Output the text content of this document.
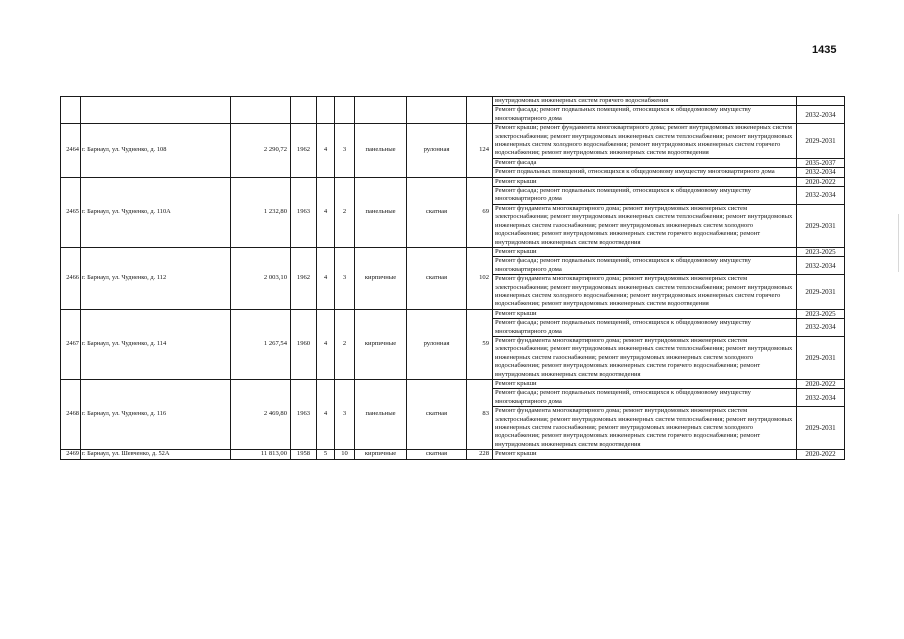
1435
									внутридомовых инженерных систем горячего водоснабжения	
									Ремонт фасада; ремонт подвальных помещений, относящихся к общедомовому имуществу многоквартирного дома	2032-2034
2464	г. Барнаул, ул. Чудненко, д. 108	2 290,72	1962	4	3	панельные	рулонная	124	Ремонт крыши; ремонт фундамента многоквартирного дома; ремонт внутридомовых инженерных систем электроснабжения; ремонт внутридомовых инженерных систем теплоснабжения; ремонт внутридомовых инженерных систем холодного водоснабжения; ремонт внутридомовых инженерных систем горячего водоснабжения; ремонт внутридомовых инженерных систем водоотведения	2029-2031
									Ремонт фасада	2035-2037
									Ремонт подвальных помещений, относящихся к общедомовому имуществу многоквартирного дома	2032-2034
2465	г. Барнаул, ул. Чудненко, д. 110А	1 232,80	1963	4	2	панельные	скатная	69	Ремонт крыши	2020-2022
									Ремонт фасада; ремонт подвальных помещений, относящихся к общедомовому имуществу многоквартирного дома	2032-2034
									Ремонт фундамента многоквартирного дома; ремонт внутридомовых инженерных систем электроснабжения; ремонт внутридомовых инженерных систем теплоснабжения; ремонт внутридомовых инженерных систем газоснабжения; ремонт внутридомовых инженерных систем холодного водоснабжения; ремонт внутридомовых инженерных систем горячего водоснабжения; ремонт внутридомовых инженерных систем водоотведения	2029-2031
2466	г. Барнаул, ул. Чудненко, д. 112	2 003,10	1962	4	3	кирпичные	скатная	102	Ремонт крыши	2023-2025
									Ремонт фасада; ремонт подвальных помещений, относящихся к общедомовому имуществу многоквартирного дома	2032-2034
									Ремонт фундамента многоквартирного дома; ремонт внутридомовых инженерных систем электроснабжения; ремонт внутридомовых инженерных систем теплоснабжения; ремонт внутридомовых инженерных систем холодного водоснабжения; ремонт внутридомовых инженерных систем горячего водоснабжения; ремонт внутридомовых инженерных систем водоотведения	2029-2031
2467	г. Барнаул, ул. Чудненко, д. 114	1 267,54	1960	4	2	кирпичные	рулонная	59	Ремонт крыши	2023-2025
									Ремонт фасада; ремонт подвальных помещений, относящихся к общедомовому имуществу многоквартирного дома	2032-2034
									Ремонт фундамента многоквартирного дома; ремонт внутридомовых инженерных систем электроснабжения; ремонт внутридомовых инженерных систем теплоснабжения; ремонт внутридомовых инженерных систем газоснабжения; ремонт внутридомовых инженерных систем холодного водоснабжения; ремонт внутридомовых инженерных систем горячего водоснабжения; ремонт внутридомовых инженерных систем водоотведения	2029-2031
2468	г. Барнаул, ул. Чудненко, д. 116	2 469,80	1963	4	3	панельные	скатная	83	Ремонт крыши	2020-2022
									Ремонт фасада; ремонт подвальных помещений, относящихся к общедомовому имуществу многоквартирного дома	2032-2034
									Ремонт фундамента многоквартирного дома; ремонт внутридомовых инженерных систем электроснабжения; ремонт внутридомовых инженерных систем теплоснабжения; ремонт внутридомовых инженерных систем газоснабжения; ремонт внутридомовых инженерных систем холодного водоснабжения; ремонт внутридомовых инженерных систем горячего водоснабжения; ремонт внутридомовых инженерных систем водоотведения	2029-2031
2469	г. Барнаул, ул. Шевченко, д. 52А	11 813,00	1958	5	10	кирпичные	скатная	228	Ремонт крыши	2020-2022
